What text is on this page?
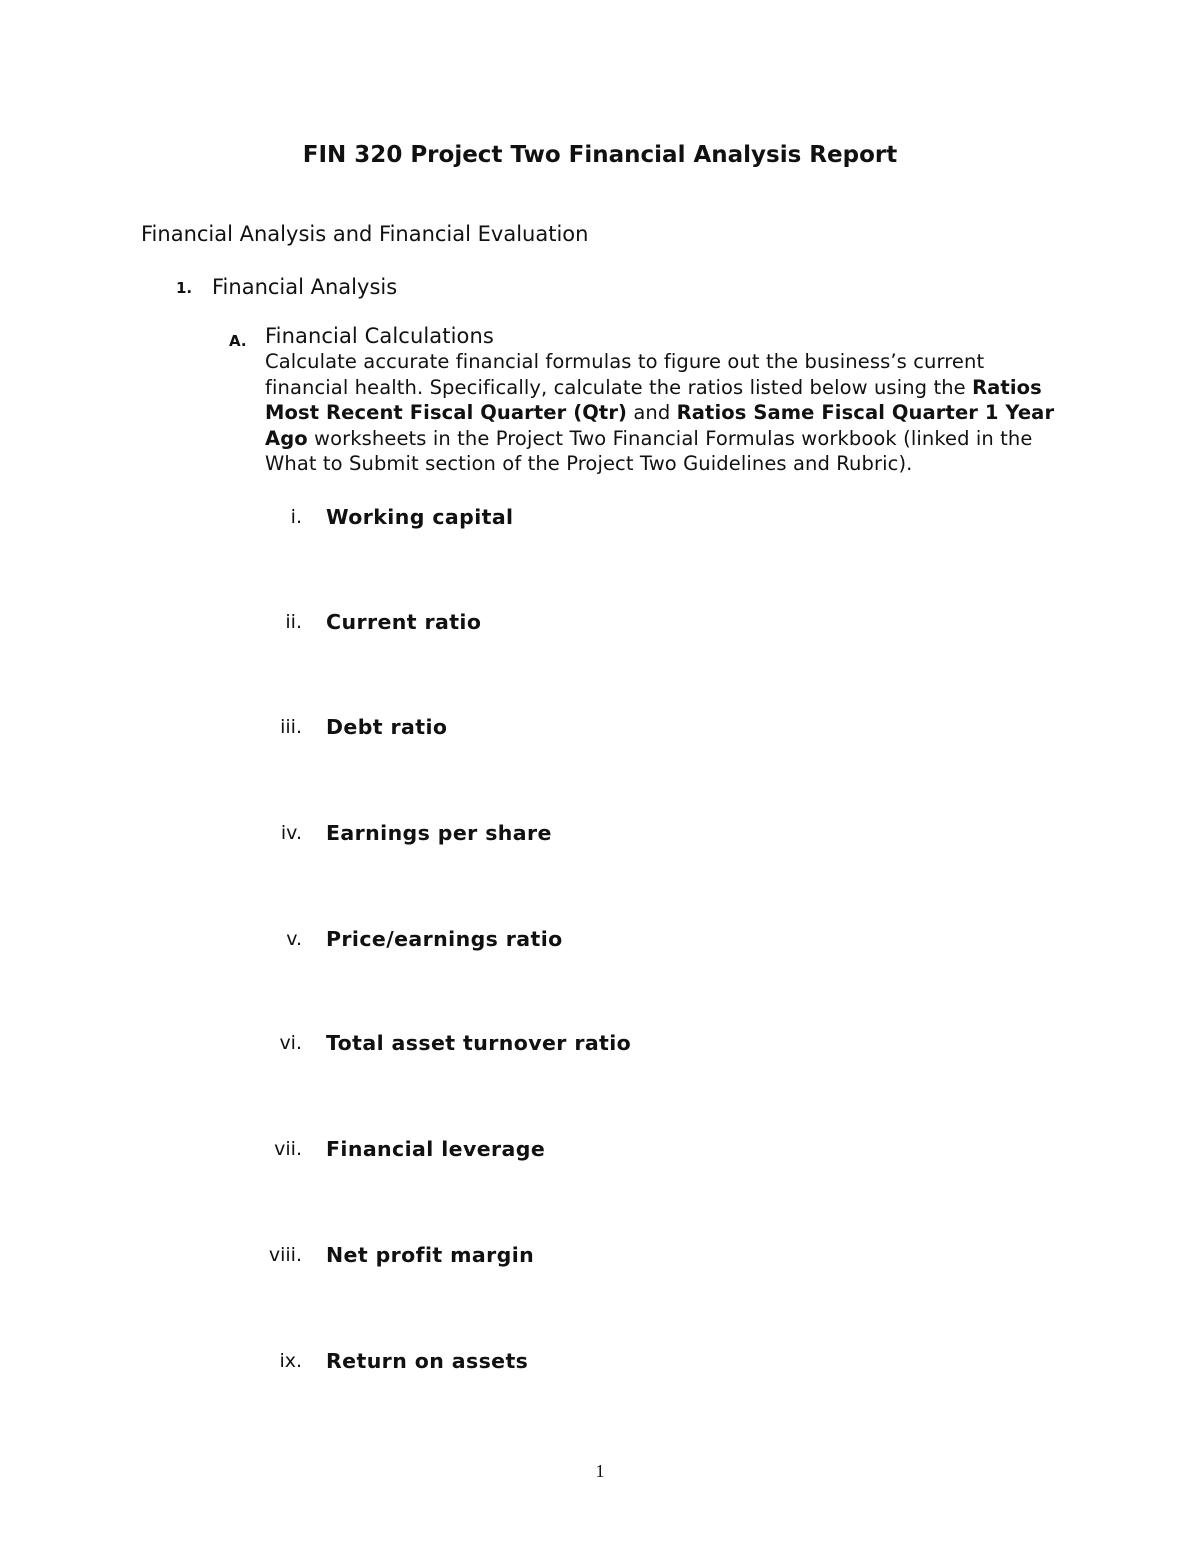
FIN 320 Project Two Financial Analysis Report
Financial Analysis and Financial Evaluation
1. Financial Analysis
A. Financial Calculations
Calculate accurate financial formulas to figure out the business’s current financial health. Specifically, calculate the ratios listed below using the Ratios Most Recent Fiscal Quarter (Qtr) and Ratios Same Fiscal Quarter 1 Year Ago worksheets in the Project Two Financial Formulas workbook (linked in the What to Submit section of the Project Two Guidelines and Rubric).
i. Working capital
ii. Current ratio
iii. Debt ratio
iv. Earnings per share
v. Price/earnings ratio
vi. Total asset turnover ratio
vii. Financial leverage
viii. Net profit margin
ix. Return on assets
1
